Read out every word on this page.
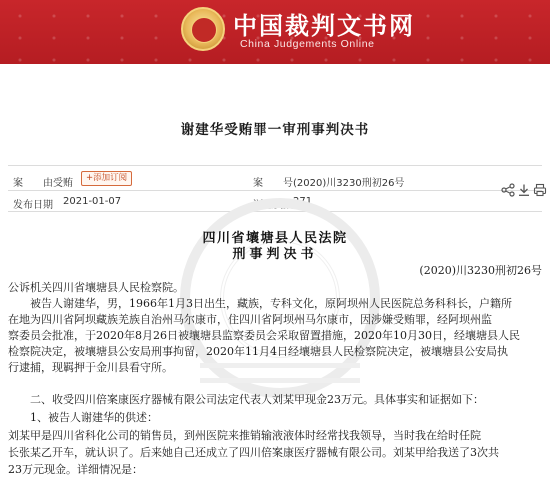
中国裁判文书网
China Judgements Online
谢建华受贿罪一审刑事判决书
案　　由 受贿	+添加订阅	案　　号 (2020)川3230刑初26号
发布日期 2021-01-07	浏览次数 271
四川省壤塘县人民法院
刑事判决书
(2020)川3230刑初26号
公诉机关四川省壤塘县人民检察院。
被告人谢建华，男，1966年1月3日出生，藏族，专科文化，原阿坝州人民医院总务科科长，户籍所
在地为四川省阿坝藏族羌族自治州马尔康市，住四川省阿坝州马尔康市，因涉嫌受贿罪，经阿坝州监
察委员会批准，于2020年8月26日被壤塘县监察委员会采取留置措施，2020年10月30日，经壤塘县人民
检察院决定，被壤塘县公安局刑事拘留，2020年11月4日经壤塘县人民检察院决定，被壤塘县公安局执
行逮捕，现羁押于金川县看守所。
二、收受四川倍案康医疗器械有限公司法定代表人刘某甲现金23万元。具体事实和证据如下：
1、被告人谢建华的供述：
刘某甲是四川省科化公司的销售员，到州医院来推销输液液体时经常找我领导，当时我在给时任院
长张某乙开车，就认识了。后来她自己还成立了四川倍案康医疗器械有限公司。刘某甲给我送了3次共
23万元现金。详细情况是：
